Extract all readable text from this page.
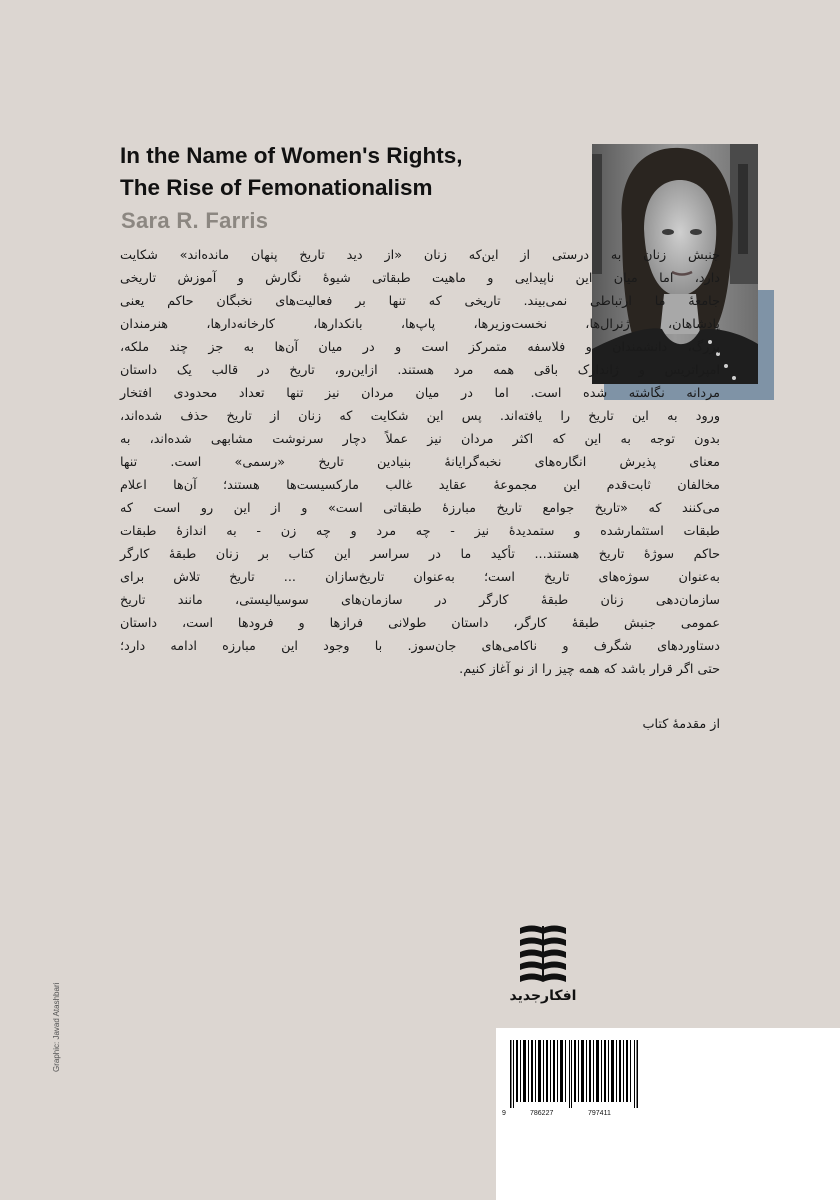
In the Name of Women's Rights,
The Rise of Femonationalism
Sara R. Farris
جنبش زنان به درستی از این‌که زنان «از دید تاریخ پنهان مانده‌اند» شکایت
دارد، اما میان این ناپیدایی و ماهیت طبقاتی شیوهٔ نگارش و آموزش تاریخی
جامعهٔ ما ارتباطی نمی‌بیند. تاریخی که تنها بر فعالیت‌های نخبگان حاکم یعنی
پادشاهان، ژنرال‌ها، نخست‌وزیرها، پاپ‌ها، بانکدارها، کارخانه‌دارها، هنرمندان
بزرگ، دانشمندان و فلاسفه متمرکز است و در میان آن‌ها به جز چند ملکه،
امپراتریس و ژاندارک باقی همه مرد هستند. ازاین‌رو، تاریخ در قالب یک داستان
مردانه نگاشته شده است. اما در میان مردان نیز تنها تعداد محدودی افتخار
ورود به این تاریخ را یافته‌اند. پس این شکایت که زنان از تاریخ حذف شده‌اند،
بدون توجه به این که اکثر مردان نیز عملاً دچار سرنوشت مشابهی شده‌اند، به
معنای پذیرش انگاره‌های نخبه‌گرایانهٔ بنیادین تاریخ «رسمی» است. تنها
مخالفان ثابت‌قدم این مجموعهٔ عقاید غالب مارکسیست‌ها هستند؛ آن‌ها اعلام
می‌کنند که «تاریخ جوامع تاریخ مبارزهٔ طبقاتی است» و از این رو است که
طبقات استثمارشده و ستمدیدهٔ نیز - چه مرد و چه زن - به اندازهٔ طبقات
حاکم سوژهٔ تاریخ هستند... تأکید ما در سراسر این کتاب بر زنان طبقهٔ کارگر
به‌عنوان سوژه‌های تاریخ است؛ به‌عنوان تاریخ‌سازان ... تاریخ تلاش برای
سازمان‌دهی زنان طبقهٔ کارگر در سازمان‌های سوسیالیستی، مانند تاریخ
عمومی جنبش طبقهٔ کارگر، داستان طولانی فرازها و فرودها است، داستان
دستاوردهای شگرف و ناکامی‌های جان‌سوز. با وجود این مبارزه ادامه دارد؛
حتی اگر قرار باشد که همه چیز را از نو آغاز کنیم.
از مقدمهٔ کتاب
Graphic: Javad Atashbari	افکارجدید
9	786227	797411
